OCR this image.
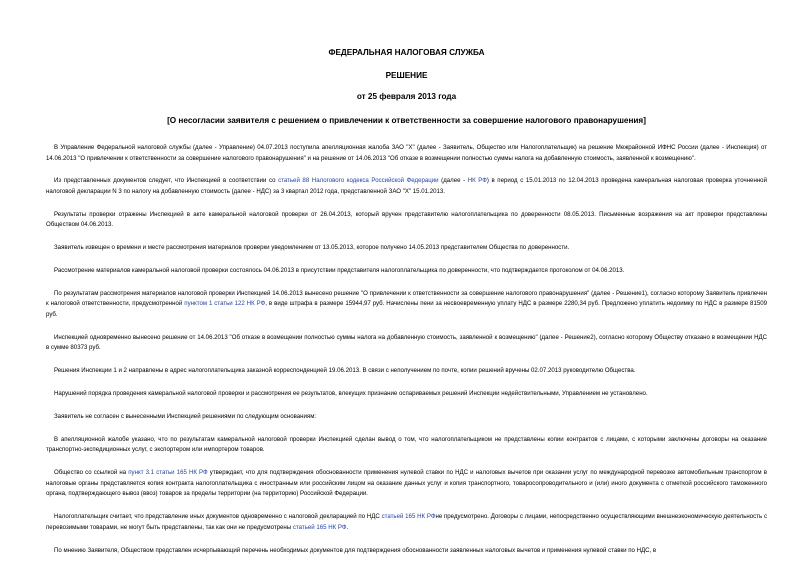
ФЕДЕРАЛЬНАЯ НАЛОГОВАЯ СЛУЖБА
РЕШЕНИЕ
от 25 февраля 2013 года
[О несогласии заявителя с решением о привлечении к ответственности за совершение налогового правонарушения]

В Управление Федеральной налоговой службы (далее - Управление) 04.07.2013 поступила апелляционная жалоба ЗАО "X" (далее - Заявитель, Общество или Налогоплательщик) на решение Межрайонной ИФНС России (далее - Инспекция) от 14.06.2013 "О привлечении к ответственности за совершение налогового правонарушения" и на решение от 14.06.2013 "Об отказе в возмещении полностью суммы налога на добавленную стоимость, заявленной к возмещению".

Из представленных документов следует, что Инспекцией в соответствии со статьей 88 Налогового кодекса Российской Федерации (далее - НК РФ) в период с 15.01.2013 по 12.04.2013 проведена камеральная налоговая проверка уточненной налоговой декларации N 3 по налогу на добавленную стоимость (далее - НДС) за 3 квартал 2012 года, представленной ЗАО "X" 15.01.2013.

Результаты проверки отражены Инспекцией в акте камеральной налоговой проверки от 26.04.2013, который вручен представителю налогоплательщика по доверенности 08.05.2013. Письменные возражения на акт проверки представлены Обществом 04.06.2013.

Заявитель извещен о времени и месте рассмотрения материалов проверки уведомлением от 13.05.2013, которое получено 14.05.2013 представителем Общества по доверенности.

Рассмотрение материалов камеральной налоговой проверки состоялось 04.06.2013 в присутствии представителя налогоплательщика по доверенности, что подтверждается протоколом от 04.06.2013.

По результатам рассмотрения материалов налоговой проверки Инспекцией 14.06.2013 вынесено решение "О привлечении к ответственности за совершение налогового правонарушения" (далее - Решение1), согласно которому Заявитель привлечен к налоговой ответственности, предусмотренной пунктом 1 статьи 122 НК РФ, в виде штрафа в размере 15944,97 руб. Начислены пени за несвоевременную уплату НДС в размере 2280,34 руб. Предложено уплатить недоимку по НДС в размере 81509 руб.

Инспекцией одновременно вынесено решение от 14.06.2013 "Об отказе в возмещении полностью суммы налога на добавленную стоимость, заявленной к возмещению" (далее - Решение2), согласно которому Обществу отказано в возмещении НДС в сумме 80373 руб.

Решения Инспекции 1 и 2 направлены в адрес налогоплательщика заказной корреспонденцией 19.06.2013. В связи с неполучением по почте, копии решений вручены 02.07.2013 руководителю Общества.

Нарушений порядка проведения камеральной налоговой проверки и рассмотрения ее результатов, влекущих признание оспариваемых решений Инспекции недействительными, Управлением не установлено.

Заявитель не согласен с вынесенными Инспекцией решениями по следующим основаниям:

В апелляционной жалобе указано, что по результатам камеральной налоговой проверки Инспекцией сделан вывод о том, что налогоплательщиком не представлены копии контрактов с лицами, с которыми заключены договоры на оказание транспортно-экспедиционных услуг, с экспортером или импортером товаров.

Общество со ссылкой на пункт 3.1 статьи 165 НК РФ утверждает, что для подтверждения обоснованности применения нулевой ставки по НДС и налоговых вычетов при оказании услуг по международной перевозке автомобильным транспортом в налоговые органы представляется копия контракта налогоплательщика с иностранным или российским лицом на оказание данных услуг и копия транспортного, товаросопроводительного и (или) иного документа с отметкой российского таможенного органа, подтверждающего вывоз (ввоз) товаров за пределы территории (на территорию) Российской Федерации.

Налогоплательщик считает, что представление иных документов одновременно с налоговой декларацией по НДС статьей 165 НК РФне предусмотрено. Договоры с лицами, непосредственно осуществляющими внешнеэкономическую деятельность с перевозимыми товарами, не могут быть представлены, так как они не предусмотрены статьей 165 НК РФ.

По мнению Заявителя, Обществом представлен исчерпывающий перечень необходимых документов для подтверждения обоснованности заявленных налоговых вычетов и применения нулевой ставки по НДС, в
